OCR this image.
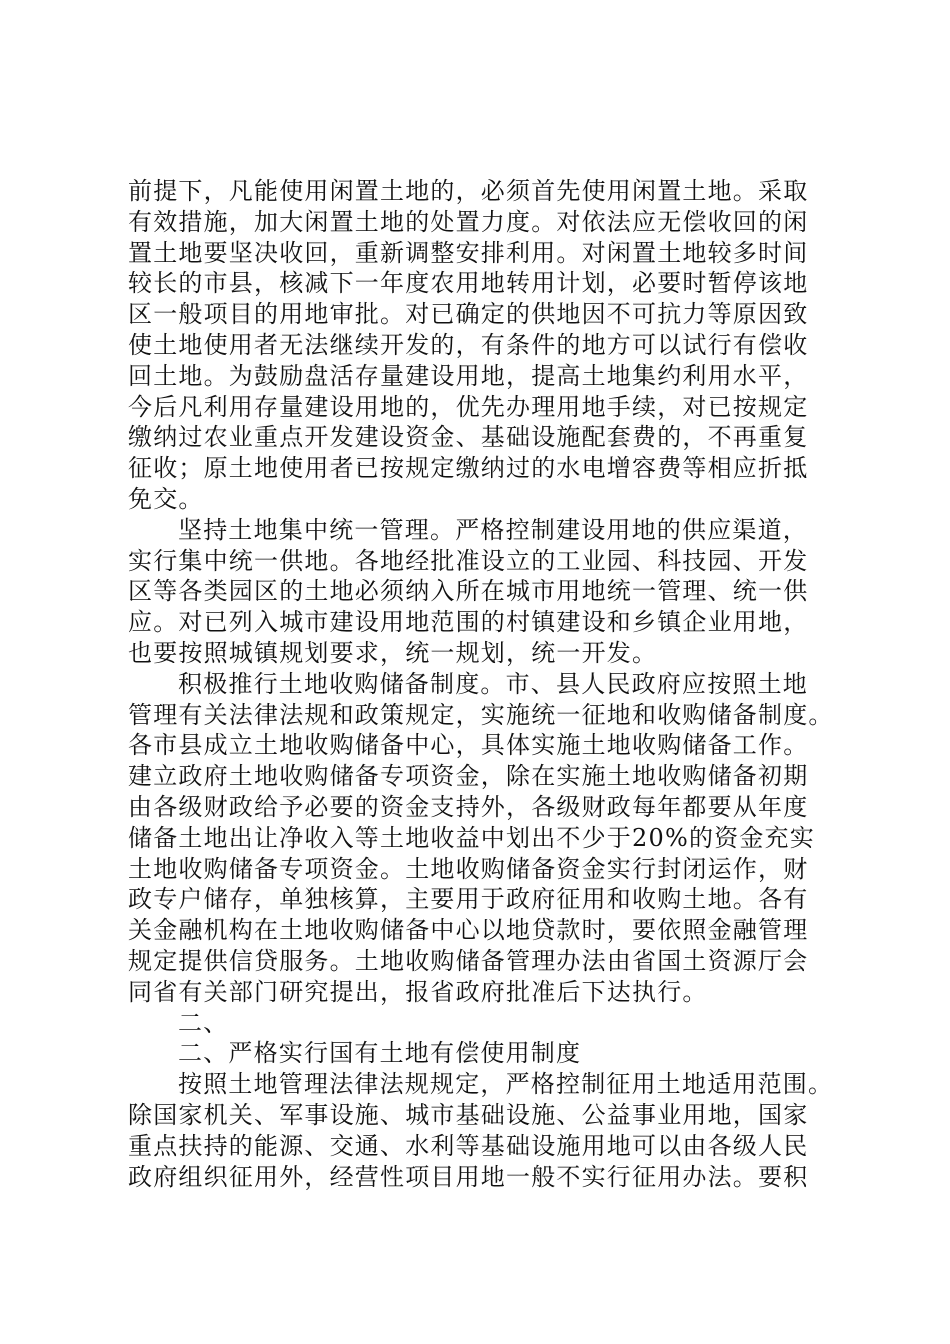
前提下，凡能使用闲置土地的，必须首先使用闲置土地。采取
有效措施，加大闲置土地的处置力度。对依法应无偿收回的闲
置土地要坚决收回，重新调整安排利用。对闲置土地较多时间
较长的市县，核减下一年度农用地转用计划，必要时暂停该地
区一般项目的用地审批。对已确定的供地因不可抗力等原因致
使土地使用者无法继续开发的，有条件的地方可以试行有偿收
回土地。为鼓励盘活存量建设用地，提高土地集约利用水平，
今后凡利用存量建设用地的，优先办理用地手续，对已按规定
缴纳过农业重点开发建设资金、基础设施配套费的，不再重复
征收；原土地使用者已按规定缴纳过的水电增容费等相应折抵
免交。
坚持土地集中统一管理。严格控制建设用地的供应渠道，
实行集中统一供地。各地经批准设立的工业园、科技园、开发
区等各类园区的土地必须纳入所在城市用地统一管理、统一供
应。对已列入城市建设用地范围的村镇建设和乡镇企业用地，
也要按照城镇规划要求，统一规划，统一开发。
积极推行土地收购储备制度。市、县人民政府应按照土地
管理有关法律法规和政策规定，实施统一征地和收购储备制度。
各市县成立土地收购储备中心，具体实施土地收购储备工作。
建立政府土地收购储备专项资金，除在实施土地收购储备初期
由各级财政给予必要的资金支持外，各级财政每年都要从年度
储备土地出让净收入等土地收益中划出不少于20%的资金充实
土地收购储备专项资金。土地收购储备资金实行封闭运作，财
政专户储存，单独核算，主要用于政府征用和收购土地。各有
关金融机构在土地收购储备中心以地贷款时，要依照金融管理
规定提供信贷服务。土地收购储备管理办法由省国土资源厅会
同省有关部门研究提出，报省政府批准后下达执行。
二、
二、严格实行国有土地有偿使用制度
按照土地管理法律法规规定，严格控制征用土地适用范围。
除国家机关、军事设施、城市基础设施、公益事业用地，国家
重点扶持的能源、交通、水利等基础设施用地可以由各级人民
政府组织征用外，经营性项目用地一般不实行征用办法。要积
